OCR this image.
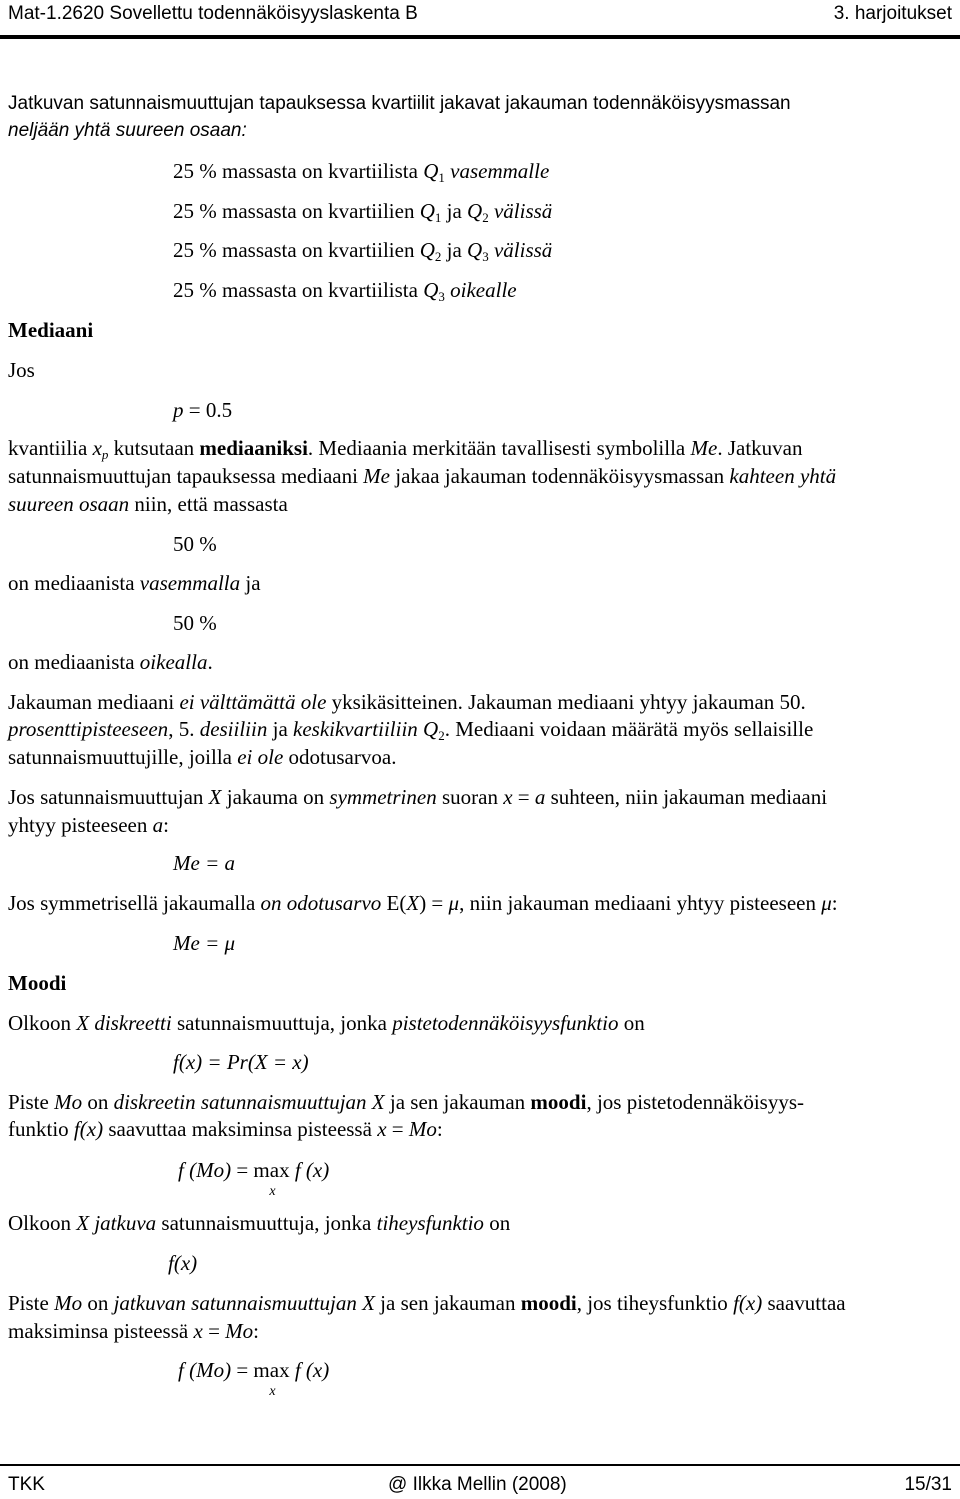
Mat-1.2620 Sovellettu todennäköisyyslaskenta B	3. harjoitukset
Jatkuvan satunnaismuuttujan tapauksessa kvartiilit jakavat jakauman todennäköisyysmassan
neljään yhtä suureen osaan:
25 % massasta on kvartiilista $Q_1$ vasemmalle
25 % massasta on kvartiilien $Q_1$ ja $Q_2$ välissä
25 % massasta on kvartiilien $Q_2$ ja $Q_3$ välissä
25 % massasta on kvartiilista $Q_3$ oikealle
Mediaani
Jos
p = 0.5
kvantiilia $x_p$ kutsutaan mediaaniksi. Mediaania merkitään tavallisesti symbolilla Me. Jatkuvan
satunnaismuuttujan tapauksessa mediaani Me jakaa jakauman todennäköisyysmassan kahteen yhtä
suureen osaan niin, että massasta
50 %
on mediaanista vasemmalla ja
50 %
on mediaanista oikealla.
Jakauman mediaani ei välttämättä ole yksikäsitteinen. Jakauman mediaani yhtyy jakauman 50.
prosenttipisteeseen, 5. desiiliin ja keskikvartiiliin $Q_2$. Mediaani voidaan määrätä myös sellaisille
satunnaismuuttujille, joilla ei ole odotusarvoa.
Jos satunnaismuuttujan X jakauma on symmetrinen suoran x = a suhteen, niin jakauman mediaani
yhtyy pisteeseen a:
Me = a
Jos symmetrisellä jakaumalla on odotusarvo E(X) = μ, niin jakauman mediaani yhtyy pisteeseen μ:
Me = μ
Moodi
Olkoon X diskreetti satunnaismuuttuja, jonka pistetodennäköisyysfunktio on
f(x) = Pr(X = x)
Piste Mo on diskreetin satunnaismuuttujan X ja sen jakauman moodi, jos pistetodennäköisyys-
funktio f(x) saavuttaa maksiminsa pisteessä x = Mo:
f (Mo) = max
x
f (x)
Olkoon X jatkuva satunnaismuuttuja, jonka tiheysfunktio on
f(x)
Piste Mo on jatkuvan satunnaismuuttujan X ja sen jakauman moodi, jos tiheysfunktio f(x) saavuttaa
maksiminsa pisteessä x = Mo:
f (Mo) = max
x
f (x)
TKK	@ Ilkka Mellin (2008)	15/31
